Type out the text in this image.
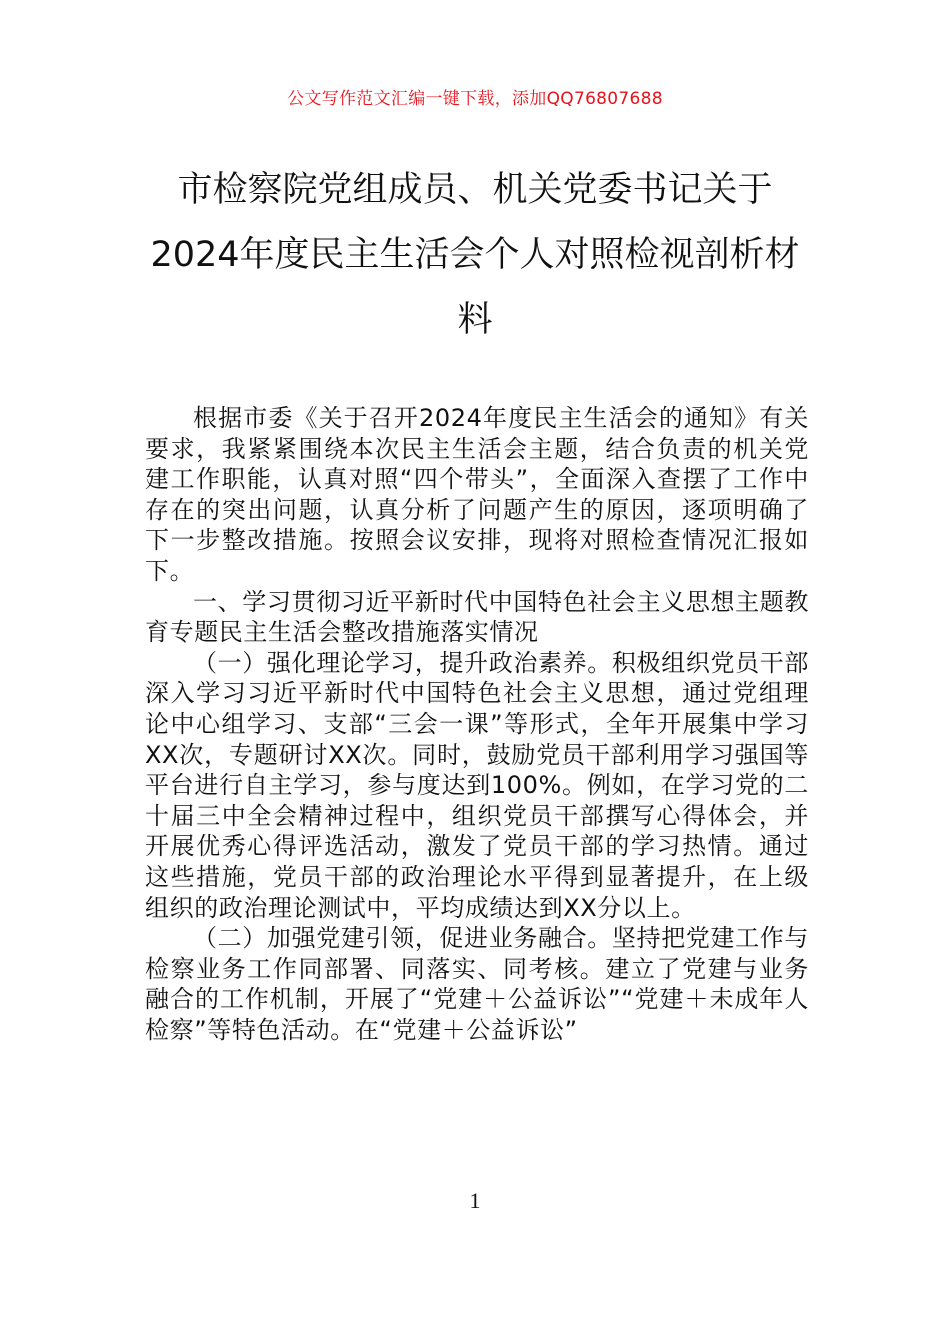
公文写作范文汇编一键下载，添加QQ76807688
市检察院党组成员、机关党委书记关于
2024年度民主生活会个人对照检视剖析材
料

根据市委《关于召开2024年度民主生活会的通知》有关要求，我紧紧围绕本次民主生活会主题，结合负责的机关党建工作职能，认真对照“四个带头”，全面深入查摆了工作中存在的突出问题，认真分析了问题产生的原因，逐项明确了下一步整改措施。按照会议安排，现将对照检查情况汇报如下。

一、学习贯彻习近平新时代中国特色社会主义思想主题教育专题民主生活会整改措施落实情况

（一）强化理论学习，提升政治素养。积极组织党员干部深入学习习近平新时代中国特色社会主义思想，通过党组理论中心组学习、支部“三会一课”等形式，全年开展集中学习XX次，专题研讨XX次。同时，鼓励党员干部利用学习强国等平台进行自主学习，参与度达到100%。例如，在学习党的二十届三中全会精神过程中，组织党员干部撰写心得体会，并开展优秀心得评选活动，激发了党员干部的学习热情。通过这些措施，党员干部的政治理论水平得到显著提升，在上级组织的政治理论测试中，平均成绩达到XX分以上。

（二）加强党建引领，促进业务融合。坚持把党建工作与检察业务工作同部署、同落实、同考核。建立了党建与业务融合的工作机制，开展了“党建＋公益诉讼”“党建＋未成年人检察”等特色活动。在“党建＋公益诉讼”

1
